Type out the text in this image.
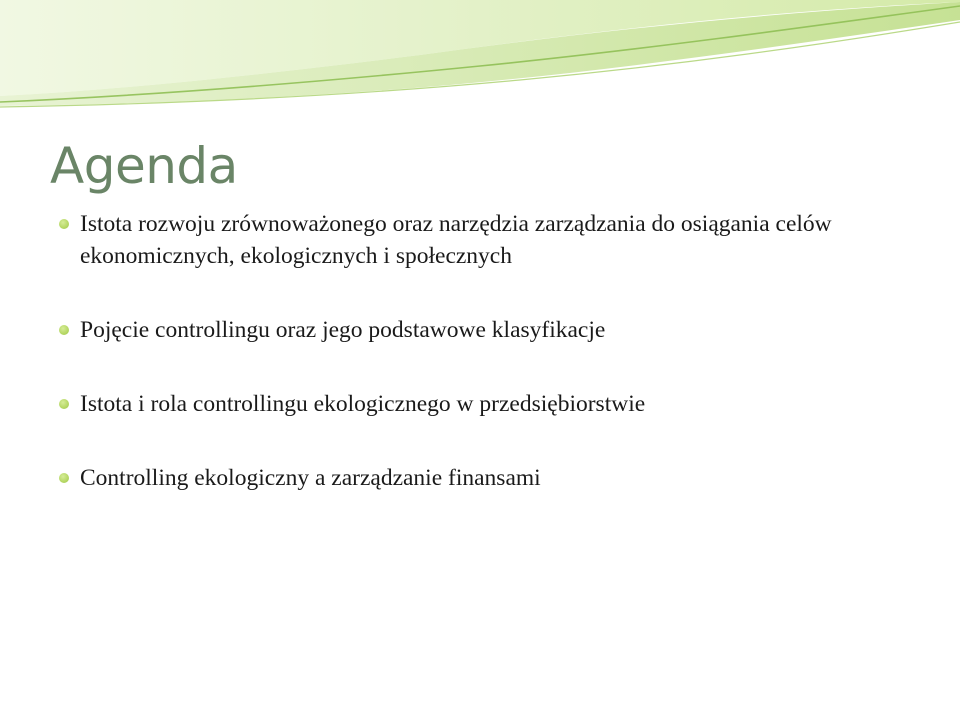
Agenda
Istota rozwoju zrównoważonego oraz narzędzia zarządzania do osiągania celów ekonomicznych, ekologicznych i społecznych
Pojęcie controllingu oraz jego podstawowe klasyfikacje
Istota i rola controllingu ekologicznego w przedsiębiorstwie
Controlling ekologiczny a zarządzanie finansami
